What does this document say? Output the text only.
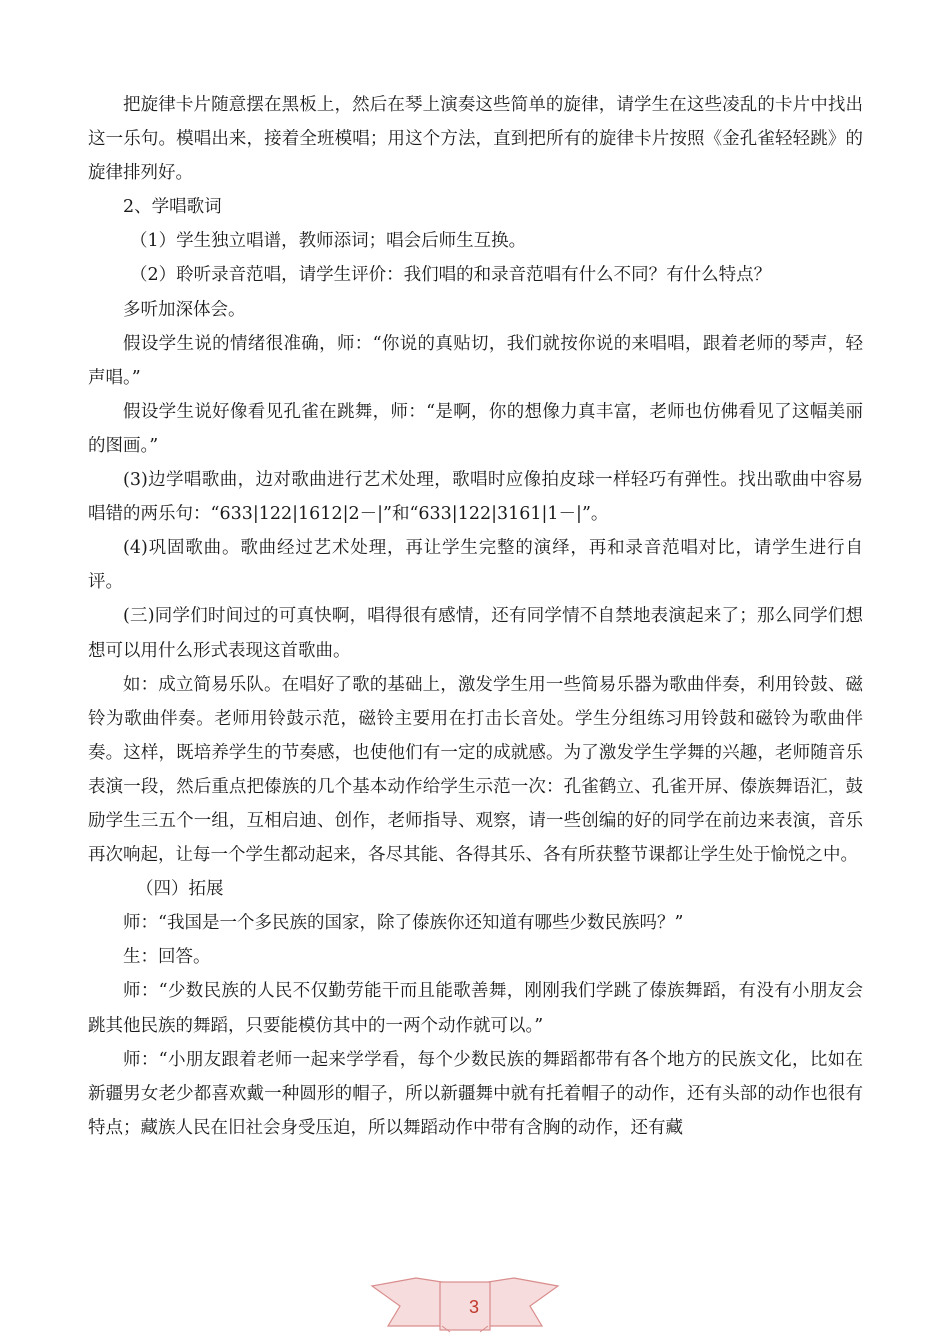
把旋律卡片随意摆在黑板上，然后在琴上演奏这些简单的旋律，请学生在这些凌乱的卡片中找出这一乐句。模唱出来，接着全班模唱；用这个方法，直到把所有的旋律卡片按照《金孔雀轻轻跳》的旋律排列好。

2、学唱歌词

（1）学生独立唱谱，教师添词；唱会后师生互换。

（2）聆听录音范唱，请学生评价：我们唱的和录音范唱有什么不同？有什么特点？

多听加深体会。

假设学生说的情绪很准确，师：“你说的真贴切，我们就按你说的来唱唱，跟着老师的琴声，轻声唱。”

假设学生说好像看见孔雀在跳舞，师：“是啊，你的想像力真丰富，老师也仿佛看见了这幅美丽的图画。”

(3)边学唱歌曲，边对歌曲进行艺术处理，歌唱时应像拍皮球一样轻巧有弹性。找出歌曲中容易唱错的两乐句：“633|122|1612|2－|”和“633|122|3161|1－|”。

(4)巩固歌曲。歌曲经过艺术处理，再让学生完整的演绎，再和录音范唱对比，请学生进行自评。

(三)同学们时间过的可真快啊，唱得很有感情，还有同学情不自禁地表演起来了；那么同学们想想可以用什么形式表现这首歌曲。

如：成立简易乐队。在唱好了歌的基础上，激发学生用一些简易乐器为歌曲伴奏，利用铃鼓、磁铃为歌曲伴奏。老师用铃鼓示范，磁铃主要用在打击长音处。学生分组练习用铃鼓和磁铃为歌曲伴奏。这样，既培养学生的节奏感，也使他们有一定的成就感。为了激发学生学舞的兴趣，老师随音乐表演一段，然后重点把傣族的几个基本动作给学生示范一次：孔雀鹤立、孔雀开屏、傣族舞语汇，鼓励学生三五个一组，互相启迪、创作，老师指导、观察，请一些创编的好的同学在前边来表演，音乐再次响起，让每一个学生都动起来，各尽其能、各得其乐、各有所获整节课都让学生处于愉悦之中。

（四）拓展

师：“我国是一个多民族的国家，除了傣族你还知道有哪些少数民族吗？”

生：回答。

师：“少数民族的人民不仅勤劳能干而且能歌善舞，刚刚我们学跳了傣族舞蹈，有没有小朋友会跳其他民族的舞蹈，只要能模仿其中的一两个动作就可以。”

师：“小朋友跟着老师一起来学学看，每个少数民族的舞蹈都带有各个地方的民族文化，比如在新疆男女老少都喜欢戴一种圆形的帽子，所以新疆舞中就有托着帽子的动作，还有头部的动作也很有特点；藏族人民在旧社会身受压迫，所以舞蹈动作中带有含胸的动作，还有藏

3
